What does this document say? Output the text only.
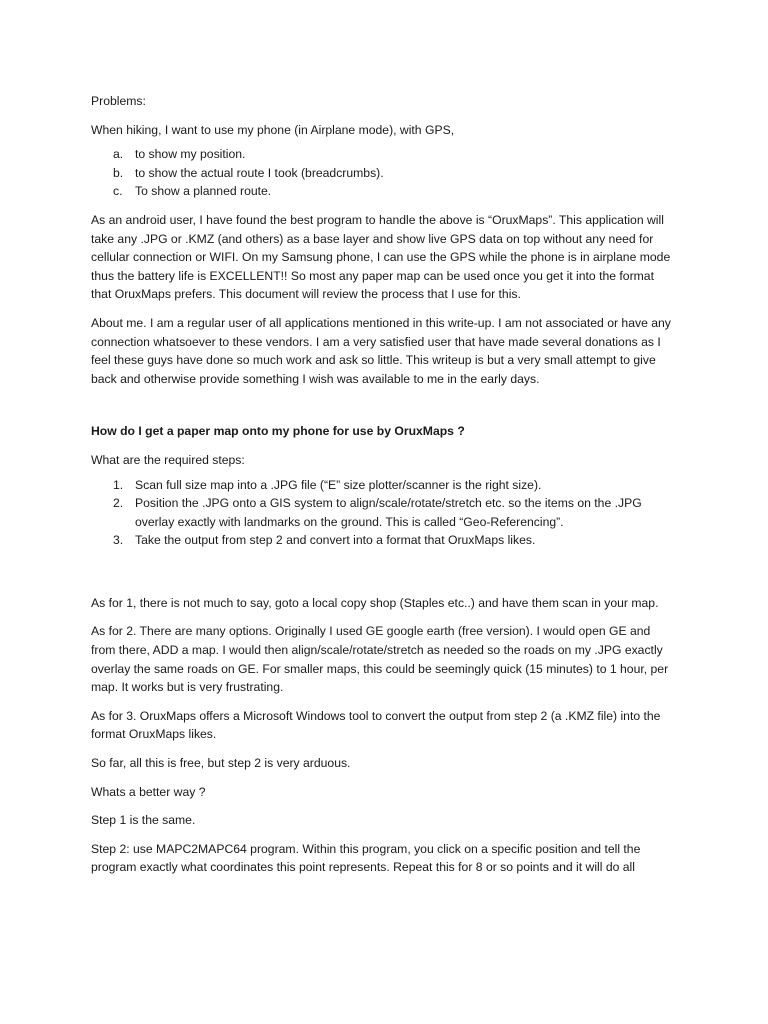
Problems:

When hiking, I want to use my phone (in Airplane mode), with GPS,

a. to show my position.
b. to show the actual route I took (breadcrumbs).
c. To show a planned route.

As an android user, I have found the best program to handle the above is “OruxMaps”. This application will take any .JPG or .KMZ (and others) as a base layer and show live GPS data on top without any need for cellular connection or WIFI. On my Samsung phone, I can use the GPS while the phone is in airplane mode thus the battery life is EXCELLENT!! So most any paper map can be used once you get it into the format that OruxMaps prefers. This document will review the process that I use for this.

About me. I am a regular user of all applications mentioned in this write-up. I am not associated or have any connection whatsoever to these vendors. I am a very satisfied user that have made several donations as I feel these guys have done so much work and ask so little. This writeup is but a very small attempt to give back and otherwise provide something I wish was available to me in the early days.

How do I get a paper map onto my phone for use by OruxMaps ?

What are the required steps:

1. Scan full size map into a .JPG file (“E” size plotter/scanner is the right size).
2. Position the .JPG onto a GIS system to align/scale/rotate/stretch etc. so the items on the .JPG overlay exactly with landmarks on the ground. This is called “Geo-Referencing”.
3. Take the output from step 2 and convert into a format that OruxMaps likes.

As for 1, there is not much to say, goto a local copy shop (Staples etc..) and have them scan in your map.

As for 2. There are many options. Originally I used GE google earth (free version). I would open GE and from there, ADD a map. I would then align/scale/rotate/stretch as needed so the roads on my .JPG exactly overlay the same roads on GE. For smaller maps, this could be seemingly quick (15 minutes) to 1 hour, per map. It works but is very frustrating.

As for 3. OruxMaps offers a Microsoft Windows tool to convert the output from step 2 (a .KMZ file) into the format OruxMaps likes.

So far, all this is free, but step 2 is very arduous.

Whats a better way ?

Step 1 is the same.

Step 2: use MAPC2MAPC64 program. Within this program, you click on a specific position and tell the program exactly what coordinates this point represents. Repeat this for 8 or so points and it will do all
